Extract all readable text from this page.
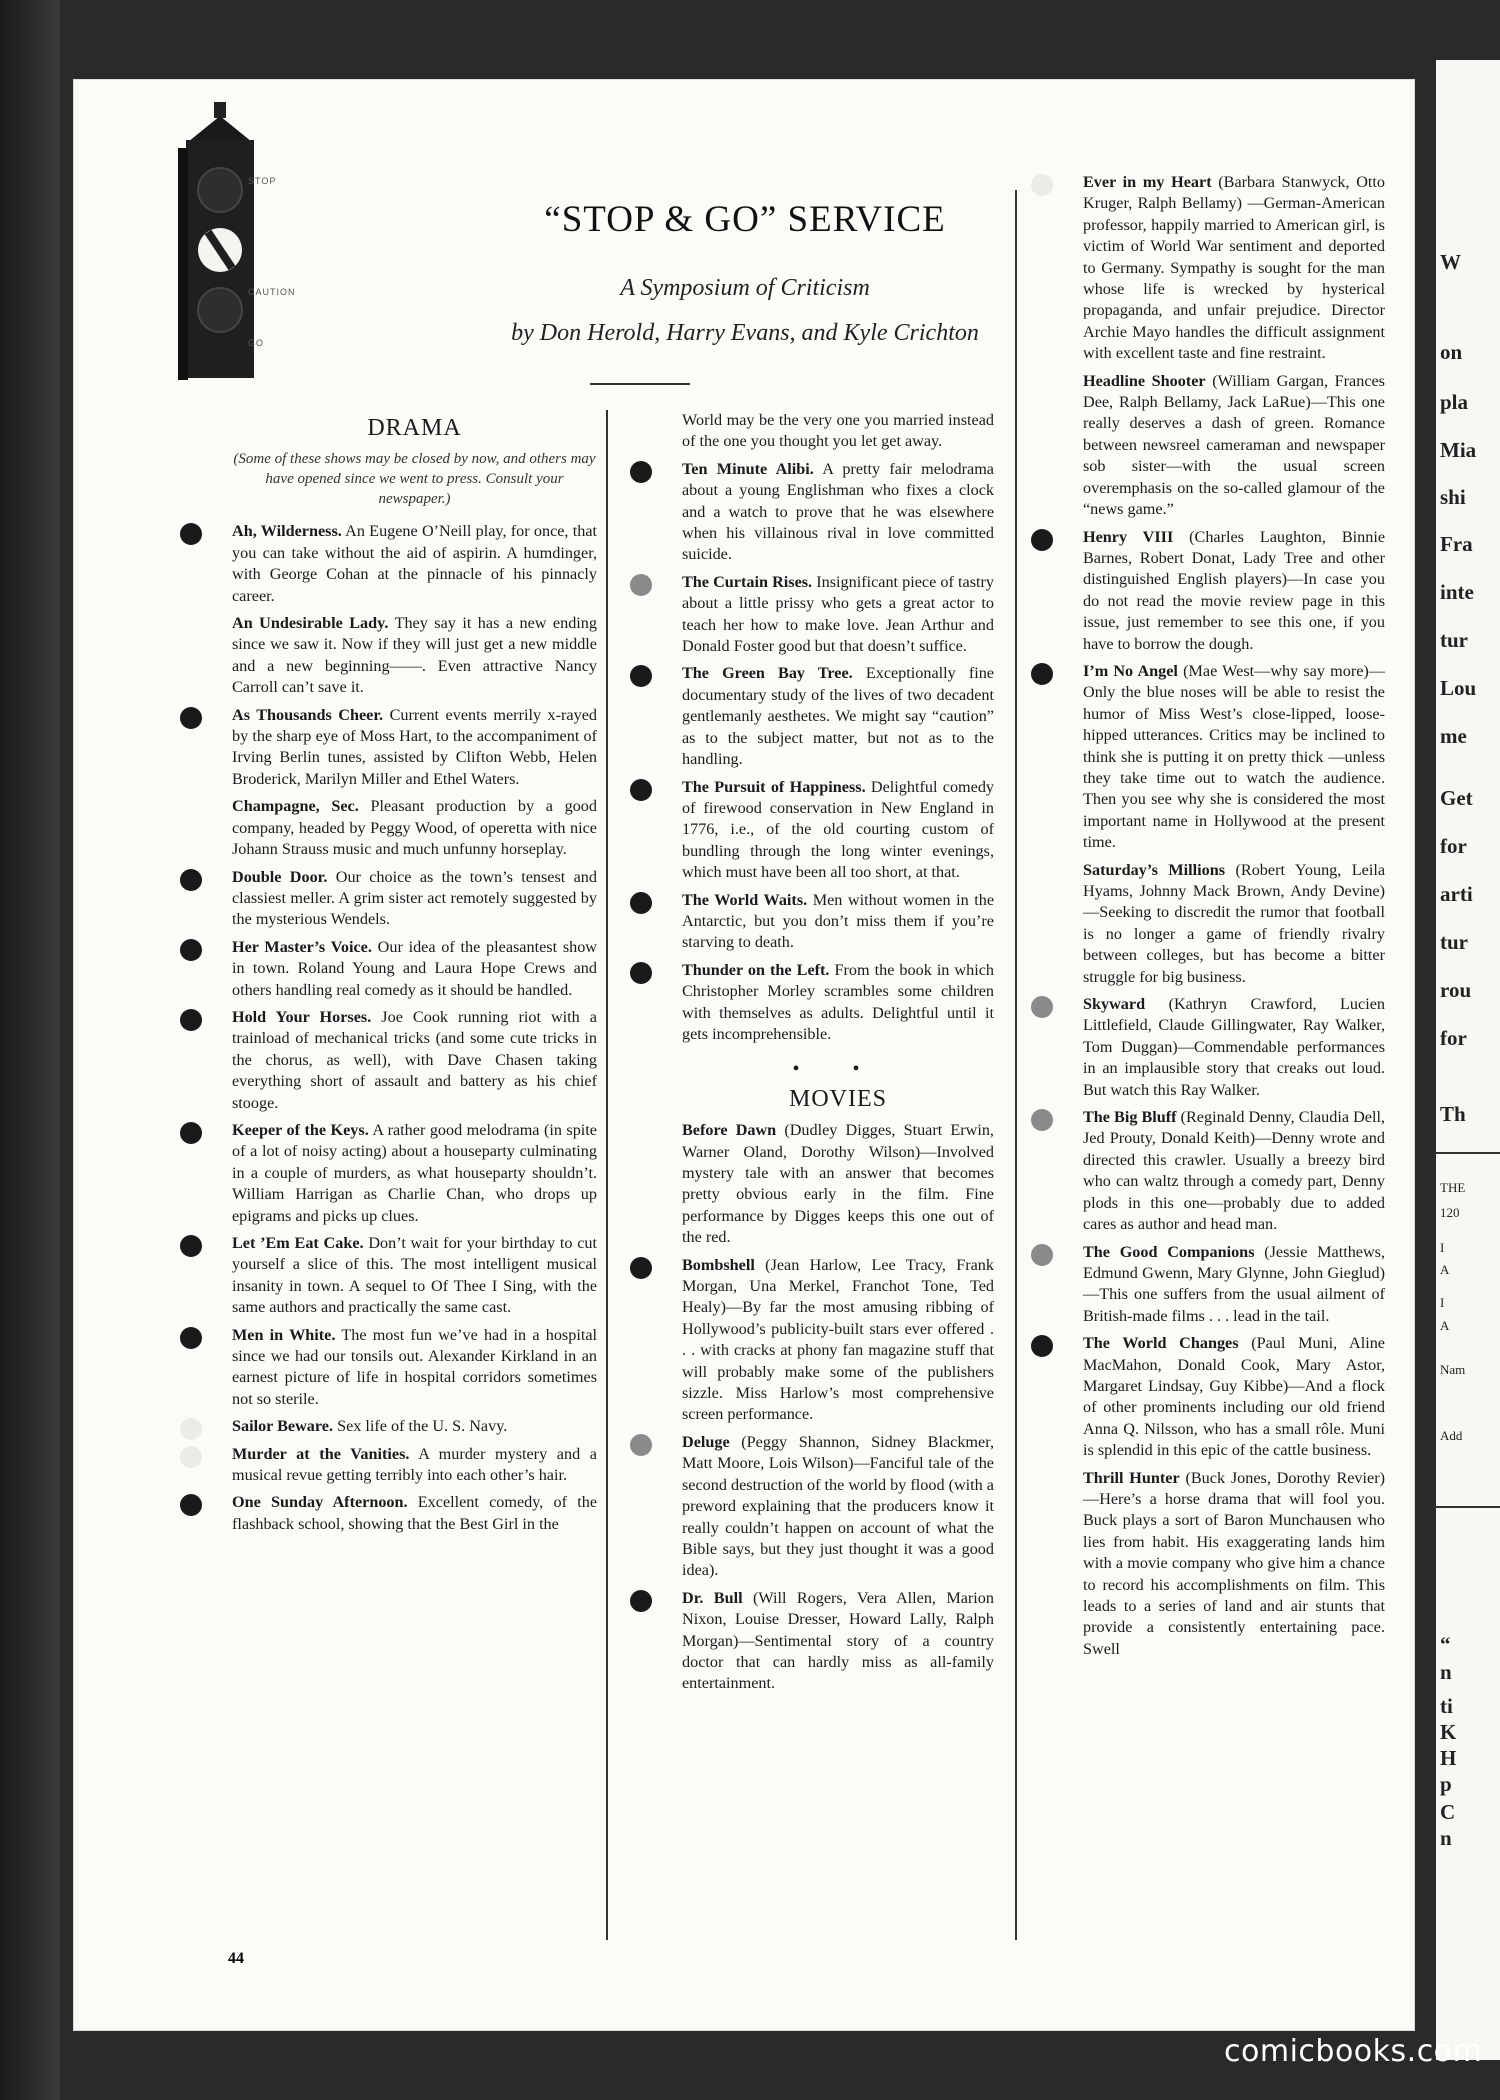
W
on
pla
Mia
shi
Fra
inte
tur
Lou
me
Get
for
arti
tur
rou
for
Th
THE
120
I
A
I
A
Nam
Add
“
n
ti
K
H
p
C
n
STOP
CAUTION
GO
“STOP & GO” SERVICE
A Symposium of Criticism
by Don Herold, Harry Evans, and Kyle Crichton
DRAMA
(Some of these shows may be closed by now, and others may have opened since we went to press. Consult your newspaper.)
Ah, Wilderness. An Eugene O’Neill play, for once, that you can take without the aid of aspirin. A humdinger, with George Cohan at the pinnacle of his pinnacly career.
An Undesirable Lady. They say it has a new ending since we saw it. Now if they will just get a new middle and a new beginning——. Even attractive Nancy Carroll can’t save it.
As Thousands Cheer. Current events merrily x-rayed by the sharp eye of Moss Hart, to the accompaniment of Irving Berlin tunes, assisted by Clifton Webb, Helen Broderick, Marilyn Miller and Ethel Waters.
Champagne, Sec. Pleasant production by a good company, headed by Peggy Wood, of operetta with nice Johann Strauss music and much unfunny horseplay.
Double Door. Our choice as the town’s tensest and classiest meller. A grim sister act remotely suggested by the mysterious Wendels.
Her Master’s Voice. Our idea of the pleasantest show in town. Roland Young and Laura Hope Crews and others handling real comedy as it should be handled.
Hold Your Horses. Joe Cook running riot with a trainload of mechanical tricks (and some cute tricks in the chorus, as well), with Dave Chasen taking everything short of assault and battery as his chief stooge.
Keeper of the Keys. A rather good melodrama (in spite of a lot of noisy acting) about a houseparty culminating in a couple of murders, as what houseparty shouldn’t. William Harrigan as Charlie Chan, who drops up epigrams and picks up clues.
Let ’Em Eat Cake. Don’t wait for your birthday to cut yourself a slice of this. The most intelligent musical insanity in town. A sequel to Of Thee I Sing, with the same authors and practically the same cast.
Men in White. The most fun we’ve had in a hospital since we had our tonsils out. Alexander Kirkland in an earnest picture of life in hospital corridors sometimes not so sterile.
Sailor Beware. Sex life of the U. S. Navy.
Murder at the Vanities. A murder mystery and a musical revue getting terribly into each other’s hair.
One Sunday Afternoon. Excellent comedy, of the flashback school, showing that the Best Girl in the
World may be the very one you married instead of the one you thought you let get away.
Ten Minute Alibi. A pretty fair melodrama about a young Englishman who fixes a clock and a watch to prove that he was elsewhere when his villainous rival in love committed suicide.
The Curtain Rises. Insignificant piece of tastry about a little prissy who gets a great actor to teach her how to make love. Jean Arthur and Donald Foster good but that doesn’t suffice.
The Green Bay Tree. Exceptionally fine documentary study of the lives of two decadent gentlemanly aesthetes. We might say “caution” as to the subject matter, but not as to the handling.
The Pursuit of Happiness. Delightful comedy of firewood conservation in New England in 1776, i.e., of the old courting custom of bundling through the long winter evenings, which must have been all too short, at that.
The World Waits. Men without women in the Antarctic, but you don’t miss them if you’re starving to death.
Thunder on the Left. From the book in which Christopher Morley scrambles some children with themselves as adults. Delightful until it gets incomprehensible.
• •
MOVIES
Before Dawn (Dudley Digges, Stuart Erwin, Warner Oland, Dorothy Wilson)—Involved mystery tale with an answer that becomes pretty obvious early in the film. Fine performance by Digges keeps this one out of the red.
Bombshell (Jean Harlow, Lee Tracy, Frank Morgan, Una Merkel, Franchot Tone, Ted Healy)—By far the most amusing ribbing of Hollywood’s publicity-built stars ever offered . . . with cracks at phony fan magazine stuff that will probably make some of the publishers sizzle. Miss Harlow’s most comprehensive screen performance.
Deluge (Peggy Shannon, Sidney Blackmer, Matt Moore, Lois Wilson)—Fanciful tale of the second destruction of the world by flood (with a preword explaining that the producers know it really couldn’t happen on account of what the Bible says, but they just thought it was a good idea).
Dr. Bull (Will Rogers, Vera Allen, Marion Nixon, Louise Dresser, Howard Lally, Ralph Morgan)—Sentimental story of a country doctor that can hardly miss as all-family entertainment.
Ever in my Heart (Barbara Stanwyck, Otto Kruger, Ralph Bellamy) —German-American professor, happily married to American girl, is victim of World War sentiment and deported to Germany. Sympathy is sought for the man whose life is wrecked by hysterical propaganda, and unfair prejudice. Director Archie Mayo handles the difficult assignment with excellent taste and fine restraint.
Headline Shooter (William Gargan, Frances Dee, Ralph Bellamy, Jack LaRue)—This one really deserves a dash of green. Romance between newsreel cameraman and newspaper sob sister—with the usual screen overemphasis on the so-called glamour of the “news game.”
Henry VIII (Charles Laughton, Binnie Barnes, Robert Donat, Lady Tree and other distinguished English players)—In case you do not read the movie review page in this issue, just remember to see this one, if you have to borrow the dough.
I’m No Angel (Mae West—why say more)—Only the blue noses will be able to resist the humor of Miss West’s close-lipped, loose-hipped utterances. Critics may be inclined to think she is putting it on pretty thick —unless they take time out to watch the audience. Then you see why she is considered the most important name in Hollywood at the present time.
Saturday’s Millions (Robert Young, Leila Hyams, Johnny Mack Brown, Andy Devine)—Seeking to discredit the rumor that football is no longer a game of friendly rivalry between colleges, but has become a bitter struggle for big business.
Skyward (Kathryn Crawford, Lucien Littlefield, Claude Gillingwater, Ray Walker, Tom Duggan)—Commendable performances in an implausible story that creaks out loud. But watch this Ray Walker.
The Big Bluff (Reginald Denny, Claudia Dell, Jed Prouty, Donald Keith)—Denny wrote and directed this crawler. Usually a breezy bird who can waltz through a comedy part, Denny plods in this one—probably due to added cares as author and head man.
The Good Companions (Jessie Matthews, Edmund Gwenn, Mary Glynne, John Gieglud)—This one suffers from the usual ailment of British-made films . . . lead in the tail.
The World Changes (Paul Muni, Aline MacMahon, Donald Cook, Mary Astor, Margaret Lindsay, Guy Kibbe)—And a flock of other prominents including our old friend Anna Q. Nilsson, who has a small rôle. Muni is splendid in this epic of the cattle business.
Thrill Hunter (Buck Jones, Dorothy Revier)—Here’s a horse drama that will fool you. Buck plays a sort of Baron Munchausen who lies from habit. His exaggerating lands him with a movie company who give him a chance to record his accomplishments on film. This leads to a series of land and air stunts that provide a consistently entertaining pace. Swell
44
comicbooks.com
